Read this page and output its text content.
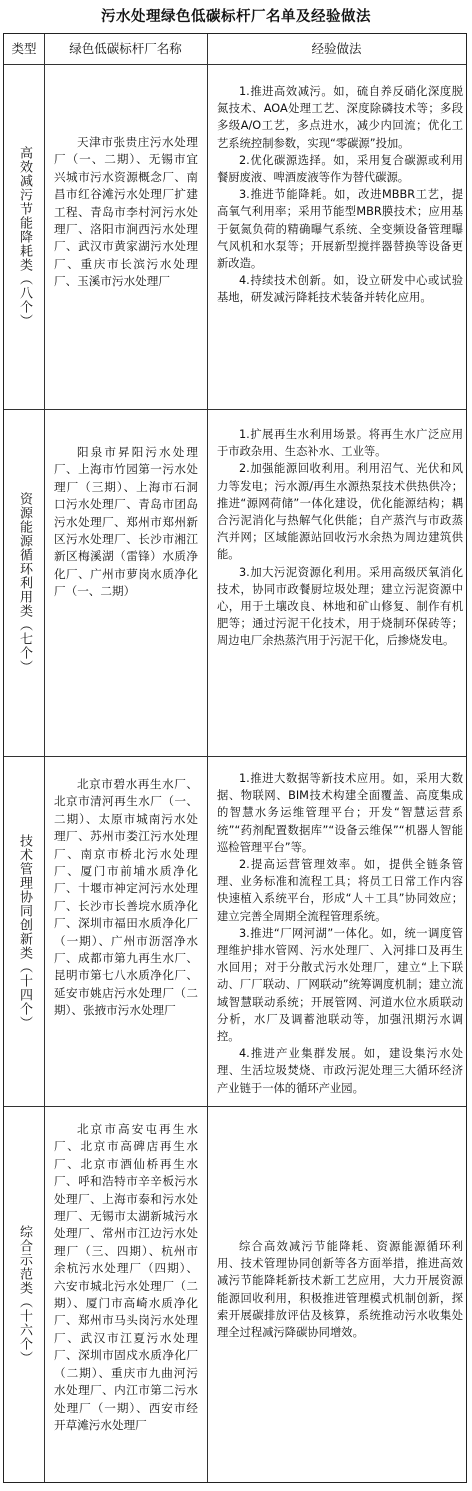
污水处理绿色低碳标杆厂名单及经验做法
类型	绿色低碳标杆厂名称	经验做法
高效减污节能降耗类（八个）
天津市张贵庄污水处理厂（一、二期）、无锡市宜兴城市污水资源概念厂、南昌市红谷滩污水处理厂扩建工程、青岛市李村河污水处理厂、洛阳市涧西污水处理厂、武汉市黄家湖污水处理厂、重庆市长滨污水处理厂、玉溪市污水处理厂

1.推进高效减污。如，硫自养反硝化深度脱氮技术、AOA处理工艺、深度除磷技术等；多段多级A/O工艺，多点进水，减少内回流；优化工艺系统控制参数，实现“零碳源”投加。

2.优化碳源选择。如，采用复合碳源或利用餐厨废液、啤酒废液等作为替代碳源。

3.推进节能降耗。如，改进MBBR工艺，提高氧气利用率；采用节能型MBR膜技术；应用基于氨氮负荷的精确曝气系统、全变频设备管理曝气风机和水泵等；开展新型搅拌器替换等设备更新改造。

4.持续技术创新。如，设立研发中心或试验基地，研发减污降耗技术装备并转化应用。

资源能源循环利用类（七个）
阳泉市昇阳污水处理厂、上海市竹园第一污水处理厂（三期）、上海市石洞口污水处理厂、青岛市团岛污水处理厂、郑州市郑州新区污水处理厂、长沙市湘江新区梅溪湖（雷锋）水质净化厂、广州市萝岗水质净化厂（一、二期）

1.扩展再生水利用场景。将再生水广泛应用于市政杂用、生态补水、工业等。

2.加强能源回收利用。利用沼气、光伏和风力等发电；污水源/再生水源热泵技术供热供冷；推进“源网荷储”一体化建设，优化能源结构；耦合污泥消化与热解气化供能；自产蒸汽与市政蒸汽并网；区域能源站回收污水余热为周边建筑供能。

3.加大污泥资源化利用。采用高级厌氧消化技术，协同市政餐厨垃圾处理；建立污泥资源中心，用于土壤改良、林地和矿山修复、制作有机肥等；通过污泥干化技术，用于烧制环保砖等；周边电厂余热蒸汽用于污泥干化，后掺烧发电。

技术管理协同创新类（十四个）
北京市碧水再生水厂、北京市清河再生水厂（一、二期）、太原市城南污水处理厂、苏州市娄江污水处理厂、南京市桥北污水处理厂、厦门市前埔水质净化厂、十堰市神定河污水处理厂、长沙市长善垸水质净化厂、深圳市福田水质净化厂（一期）、广州市沥滘净水厂、成都市第九再生水厂、昆明市第七八水质净化厂、延安市姚店污水处理厂（二期）、张掖市污水处理厂

1.推进大数据等新技术应用。如，采用大数据、物联网、BIM技术构建全面覆盖、高度集成的智慧水务运维管理平台；开发“智慧运营系统”“药剂配置数据库”“设备云维保”“机器人智能巡检管理平台”等。

2.提高运营管理效率。如，提供全链条管理、业务标准和流程工具；将员工日常工作内容快速植入系统平台，形成“人＋工具”协同效应；建立完善全周期全流程管理系统。

3.推进“厂网河湖”一体化。如，统一调度管理维护排水管网、污水处理厂、入河排口及再生水回用；对于分散式污水处理厂，建立“上下联动、厂厂联动、厂网联动”统筹调度机制；建立流域智慧联动系统；开展管网、河道水位水质联动分析，水厂及调蓄池联动等，加强汛期污水调控。

4.推进产业集群发展。如，建设集污水处理、生活垃圾焚烧、市政污泥处理三大循环经济产业链于一体的循环产业园。

综合示范类（十六个）
北京市高安屯再生水厂、北京市高碑店再生水厂、北京市酒仙桥再生水厂、呼和浩特市辛辛板污水处理厂、上海市泰和污水处理厂、无锡市太湖新城污水处理厂、常州市江边污水处理厂（三、四期）、杭州市余杭污水处理厂（四期）、六安市城北污水处理厂（二期）、厦门市高崎水质净化厂、郑州市马头岗污水处理厂、武汉市江夏污水处理厂、深圳市固戍水质净化厂（二期）、重庆市九曲河污水处理厂、内江市第二污水处理厂（一期）、西安市经开草滩污水处理厂

综合高效减污节能降耗、资源能源循环利用、技术管理协同创新等各方面举措，推进高效减污节能降耗新技术新工艺应用，大力开展资源能源回收利用，积极推进管理模式机制创新，探索开展碳排放评估及核算，系统推动污水收集处理全过程减污降碳协同增效。
